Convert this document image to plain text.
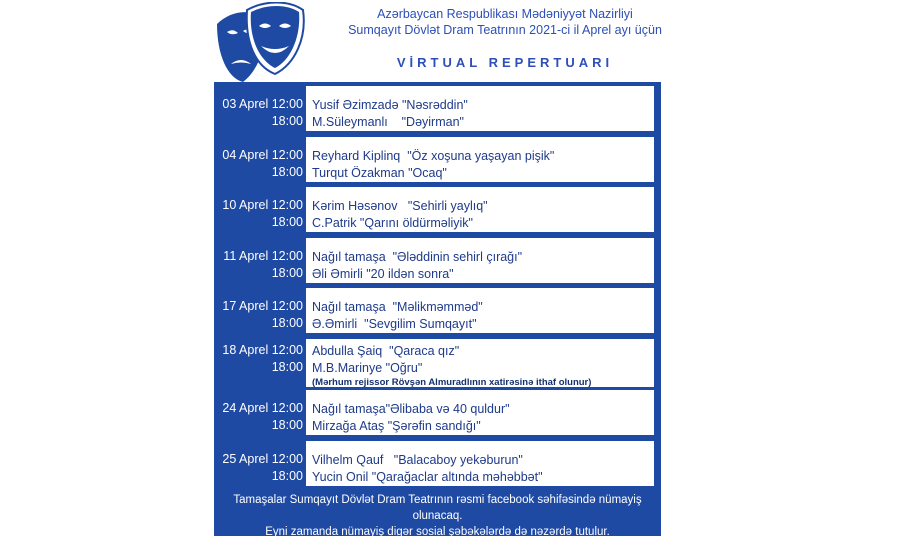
Azərbaycan Respublikası Mədəniyyət Nazirliyi
Sumqayıt Dövlət Dram Teatrının 2021-ci il Aprel ayı üçün
VİRTUAL REPERTUARI
03 Aprel 12:00
18:00
Yusif Əzimzadə "Nəsrəddin"
M.Süleymanlı    "Dəyirman"
04 Aprel 12:00
18:00
Reyhard Kiplinq  "Öz xoşuna yaşayan pişik"
Turqut Özakman "Ocaq"
10 Aprel 12:00
18:00
Kərim Həsənov   "Sehirli yaylıq"
C.Patrik "Qarını öldürməliyik"
11 Aprel 12:00
18:00
Nağıl tamaşa  "Ələddinin sehirl çırağı"
Əli Əmirli "20 ildən sonra"
17 Aprel 12:00
18:00
Nağıl tamaşa  "Məlikməmməd"
Ə.Əmirli  "Sevgilim Sumqayıt"
18 Aprel 12:00
18:00
Abdulla Şaiq  "Qaraca qız"
M.B.Marinye "Oğru"
(Mərhum rejissor Rövşən Almuradlının xatirəsinə ithaf olunur)
24 Aprel 12:00
18:00
Nağıl tamaşa"Əlibaba və 40 quldur"
Mirzağa Ataş "Şərəfin sandığı"
25 Aprel 12:00
18:00
Vilhelm Qauf   "Balacaboy yekəburun"
Yucin Onil "Qarağaclar altında məhəbbət"
Tamaşalar Sumqayıt Dövlət Dram Teatrının rəsmi facebook səhifəsində nümayiş olunacaq.
Eyni zamanda nümayiş digər sosial şəbəkələrdə də nəzərdə tutulur.
